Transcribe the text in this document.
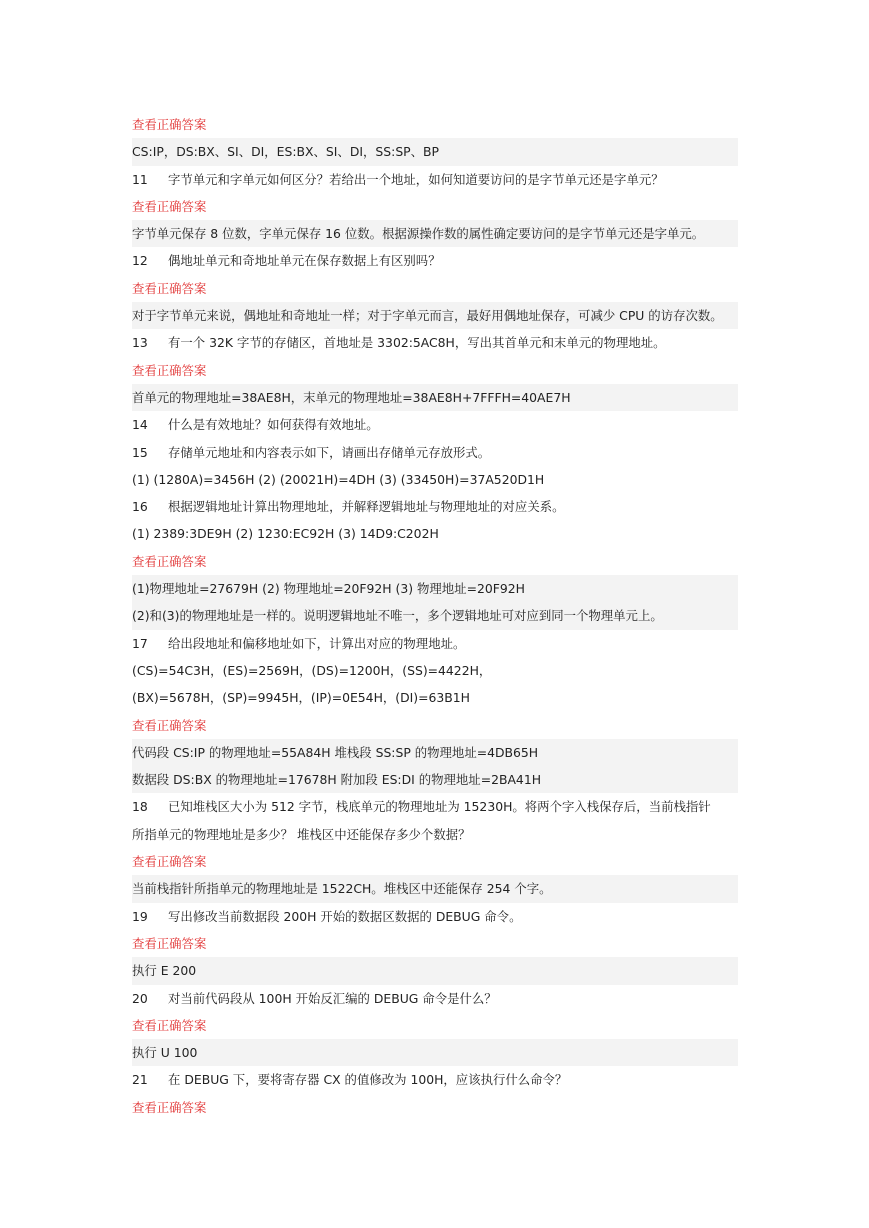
查看正确答案
CS:IP，DS:BX、SI、DI，ES:BX、SI、DI，SS:SP、BP
11 字节单元和字单元如何区分？若给出一个地址，如何知道要访问的是字节单元还是字单元？
查看正确答案
字节单元保存 8 位数，字单元保存 16 位数。根据源操作数的属性确定要访问的是字节单元还是字单元。
12 偶地址单元和奇地址单元在保存数据上有区别吗？
查看正确答案
对于字节单元来说，偶地址和奇地址一样；对于字单元而言，最好用偶地址保存，可减少 CPU 的访存次数。
13 有一个 32K 字节的存储区，首地址是 3302:5AC8H，写出其首单元和末单元的物理地址。
查看正确答案
首单元的物理地址=38AE8H，末单元的物理地址=38AE8H+7FFFH=40AE7H
14 什么是有效地址？如何获得有效地址。
15 存储单元地址和内容表示如下，请画出存储单元存放形式。
(1) (1280A)=3456H (2) (20021H)=4DH (3) (33450H)=37A520D1H
16 根据逻辑地址计算出物理地址，并解释逻辑地址与物理地址的对应关系。
(1) 2389:3DE9H (2) 1230:EC92H (3) 14D9:C202H
查看正确答案
(1)物理地址=27679H (2) 物理地址=20F92H (3) 物理地址=20F92H
(2)和(3)的物理地址是一样的。说明逻辑地址不唯一，多个逻辑地址可对应到同一个物理单元上。
17 给出段地址和偏移地址如下，计算出对应的物理地址。
(CS)=54C3H，(ES)=2569H，(DS)=1200H，(SS)=4422H，
(BX)=5678H，(SP)=9945H，(IP)=0E54H，(DI)=63B1H
查看正确答案
代码段 CS:IP 的物理地址=55A84H 堆栈段 SS:SP 的物理地址=4DB65H
数据段 DS:BX 的物理地址=17678H 附加段 ES:DI 的物理地址=2BA41H
18 已知堆栈区大小为 512 字节，栈底单元的物理地址为 15230H。将两个字入栈保存后，当前栈指针
所指单元的物理地址是多少？ 堆栈区中还能保存多少个数据？
查看正确答案
当前栈指针所指单元的物理地址是 1522CH。堆栈区中还能保存 254 个字。
19 写出修改当前数据段 200H 开始的数据区数据的 DEBUG 命令。
查看正确答案
执行 E 200
20 对当前代码段从 100H 开始反汇编的 DEBUG 命令是什么？
查看正确答案
执行 U 100
21 在 DEBUG 下，要将寄存器 CX 的值修改为 100H，应该执行什么命令？
查看正确答案
